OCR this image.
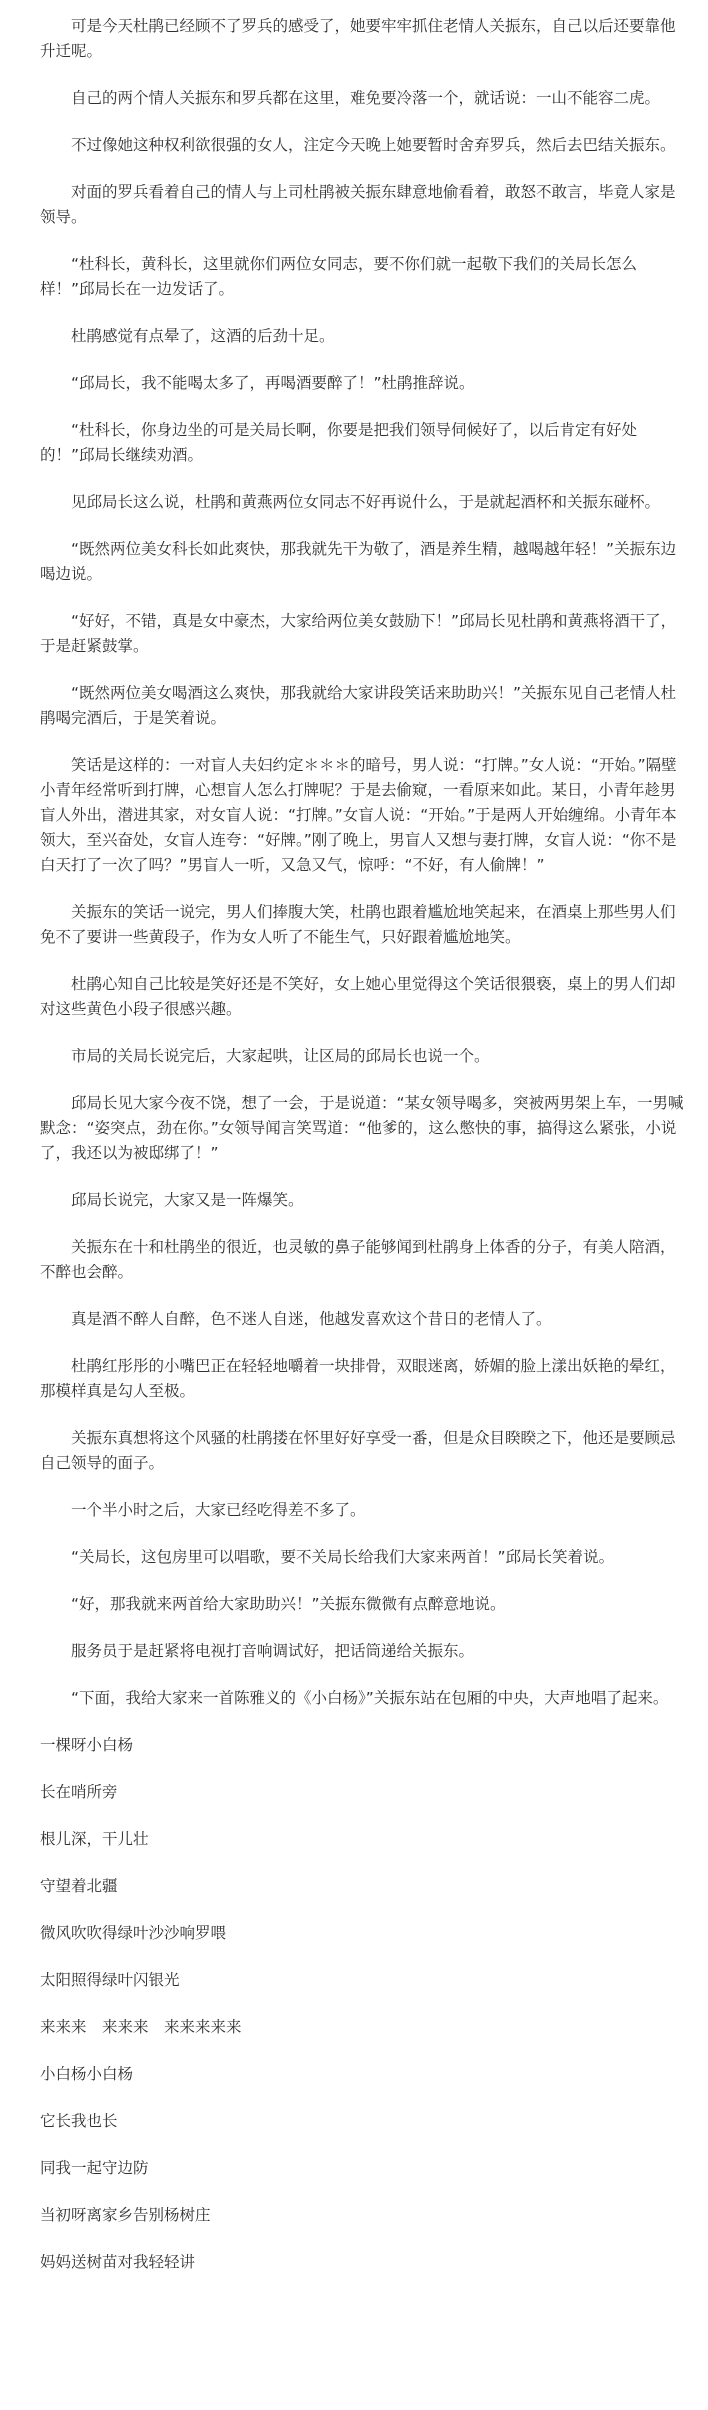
可是今天杜鹃已经顾不了罗兵的感受了，她要牢牢抓住老情人关振东，自己以后还要靠他升迁呢。

自己的两个情人关振东和罗兵都在这里，难免要冷落一个，就话说：一山不能容二虎。

不过像她这种权利欲很强的女人，注定今天晚上她要暂时舍弃罗兵，然后去巴结关振东。

对面的罗兵看着自己的情人与上司杜鹃被关振东肆意地偷看着，敢怒不敢言，毕竟人家是领导。

“杜科长，黄科长，这里就你们两位女同志，要不你们就一起敬下我们的关局长怎么样！”邱局长在一边发话了。

杜鹃感觉有点晕了，这酒的后劲十足。

“邱局长，我不能喝太多了，再喝酒要醉了！”杜鹃推辞说。

“杜科长，你身边坐的可是关局长啊，你要是把我们领导伺候好了，以后肯定有好处的！”邱局长继续劝酒。

见邱局长这么说，杜鹃和黄燕两位女同志不好再说什么，于是就起酒杯和关振东碰杯。

“既然两位美女科长如此爽快，那我就先干为敬了，酒是养生精，越喝越年轻！”关振东边喝边说。

“好好，不错，真是女中豪杰，大家给两位美女鼓励下！”邱局长见杜鹃和黄燕将酒干了，于是赶紧鼓掌。

“既然两位美女喝酒这么爽快，那我就给大家讲段笑话来助助兴！”关振东见自己老情人杜鹃喝完酒后，于是笑着说。

笑话是这样的：一对盲人夫妇约定＊＊＊的暗号，男人说：“打牌。”女人说：“开始。”隔壁小青年经常听到打牌，心想盲人怎么打牌呢？于是去偷窥，一看原来如此。某日，小青年趁男盲人外出，潜进其家，对女盲人说：“打牌。”女盲人说：“开始。”于是两人开始缠绵。小青年本领大，至兴奋处，女盲人连夸：“好牌。”刚了晚上，男盲人又想与妻打牌，女盲人说：“你不是白天打了一次了吗？”男盲人一听，又急又气，惊呼：“不好，有人偷牌！”

关振东的笑话一说完，男人们捧腹大笑，杜鹃也跟着尴尬地笑起来，在酒桌上那些男人们免不了要讲一些黄段子，作为女人听了不能生气，只好跟着尴尬地笑。

杜鹃心知自己比较是笑好还是不笑好，女上她心里觉得这个笑话很猥亵，桌上的男人们却对这些黄色小段子很感兴趣。

市局的关局长说完后，大家起哄，让区局的邱局长也说一个。

邱局长见大家今夜不饶，想了一会，于是说道：“某女领导喝多，突被两男架上车，一男喊默念：“姿突点，劲在你。”女领导闻言笑骂道：“他爹的，这么憋快的事，搞得这么紧张，小说了，我还以为被邸绑了！”

邱局长说完，大家又是一阵爆笑。

关振东在十和杜鹃坐的很近，也灵敏的鼻子能够闻到杜鹃身上体香的分子，有美人陪酒，不醉也会醉。

真是酒不醉人自醉，色不迷人自迷，他越发喜欢这个昔日的老情人了。

杜鹃红彤彤的小嘴巴正在轻轻地嚼着一块排骨，双眼迷离，娇媚的脸上漾出妖艳的晕红，那模样真是勾人至极。

关振东真想将这个风骚的杜鹃搂在怀里好好享受一番，但是众目睽睽之下，他还是要顾忌自己领导的面子。

一个半小时之后，大家已经吃得差不多了。

“关局长，这包房里可以唱歌，要不关局长给我们大家来两首！”邱局长笑着说。

“好，那我就来两首给大家助助兴！”关振东微微有点醉意地说。

服务员于是赶紧将电视打音响调试好，把话筒递给关振东。

“下面，我给大家来一首陈雅义的《小白杨》”关振东站在包厢的中央，大声地唱了起来。

一棵呀小白杨

长在哨所旁

根儿深，干儿壮

守望着北疆

微风吹吹得绿叶沙沙响罗喂

太阳照得绿叶闪银光

来来来　来来来　来来来来来

小白杨小白杨

它长我也长

同我一起守边防

当初呀离家乡告别杨树庄

妈妈送树苗对我轻轻讲
